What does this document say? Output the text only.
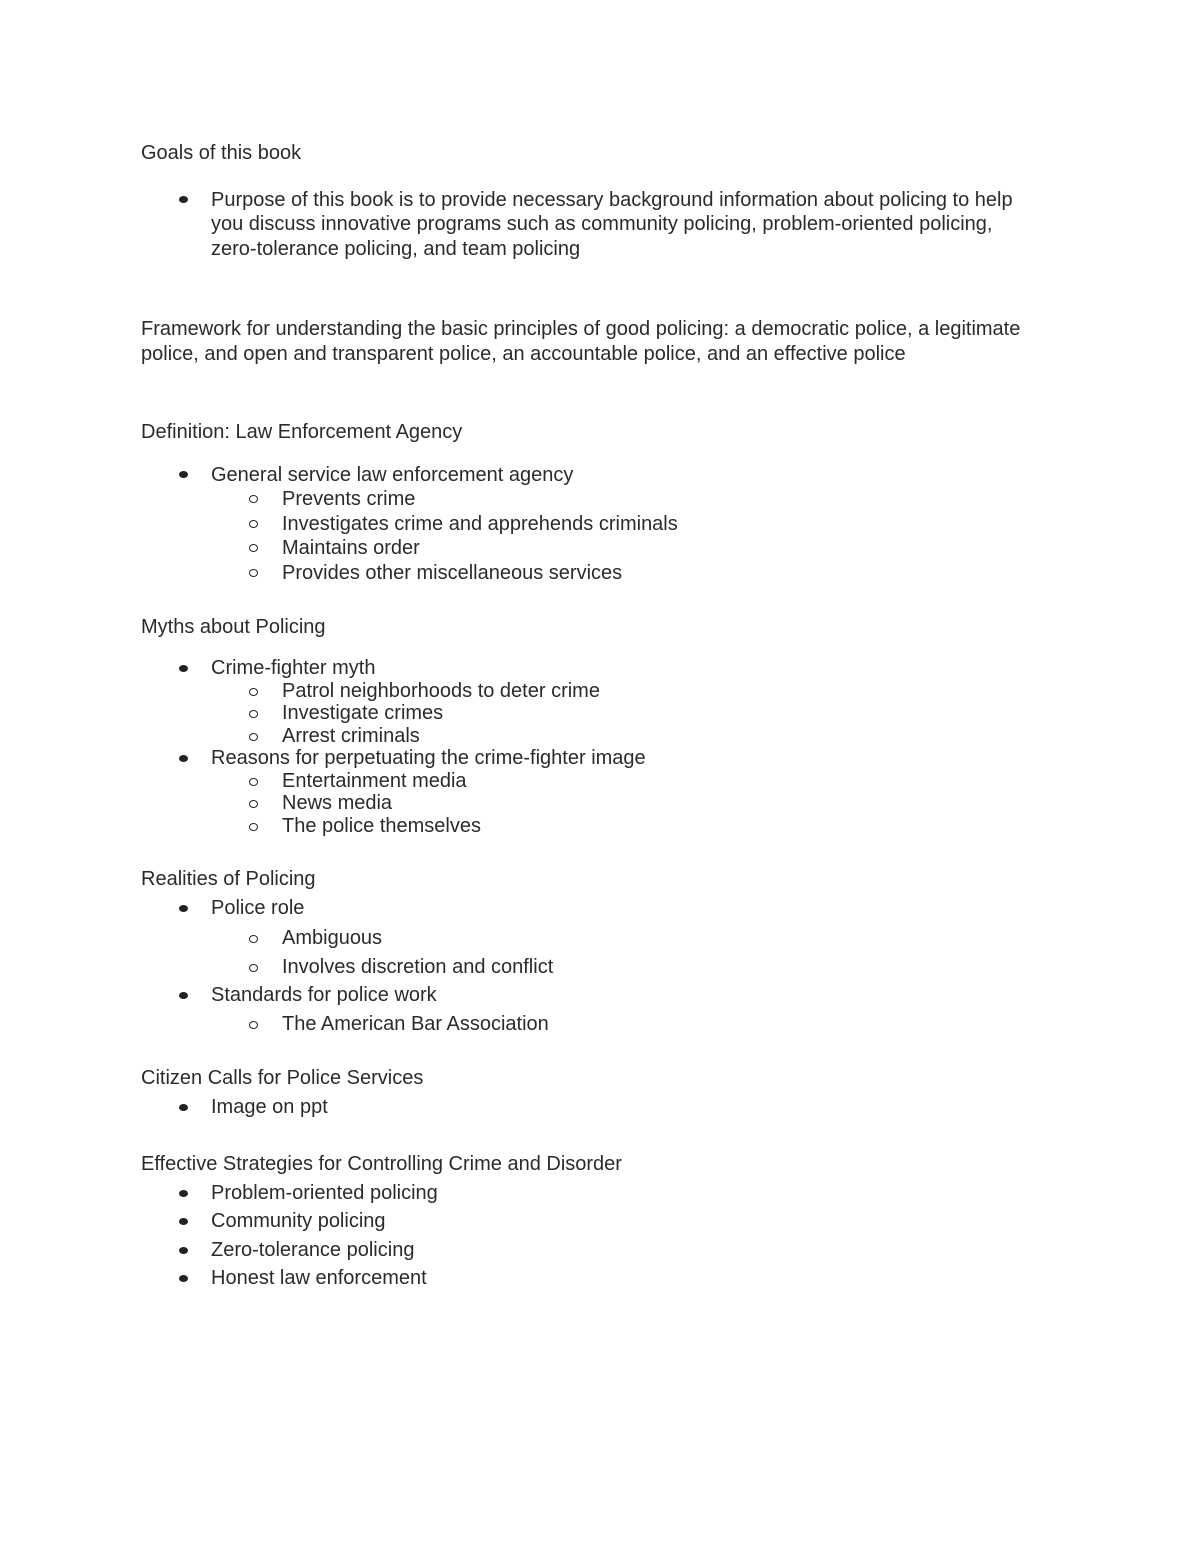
Goals of this book

Purpose of this book is to provide necessary background information about policing to help you discuss innovative programs such as community policing, problem-oriented policing, zero-tolerance policing, and team policing

Framework for understanding the basic principles of good policing: a democratic police, a legitimate police, and open and transparent police, an accountable police, and an effective police

Definition: Law Enforcement Agency

General service law enforcement agency
Prevents crime
Investigates crime and apprehends criminals
Maintains order
Provides other miscellaneous services

Myths about Policing

Crime-fighter myth
Patrol neighborhoods to deter crime
Investigate crimes
Arrest criminals
Reasons for perpetuating the crime-fighter image
Entertainment media
News media
The police themselves

Realities of Policing

Police role
Ambiguous
Involves discretion and conflict
Standards for police work
The American Bar Association

Citizen Calls for Police Services

Image on ppt

Effective Strategies for Controlling Crime and Disorder

Problem-oriented policing
Community policing
Zero-tolerance policing
Honest law enforcement
